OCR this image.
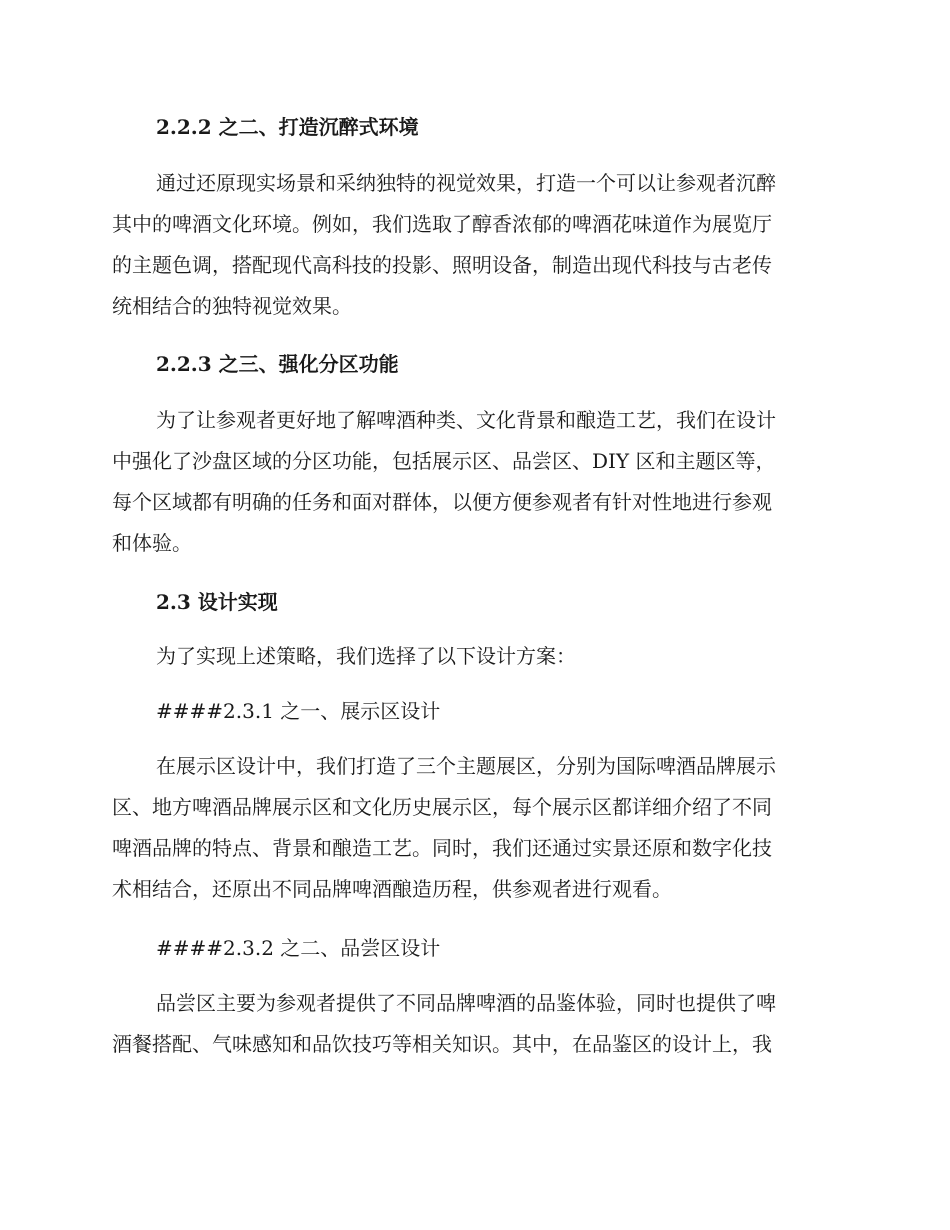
2.2.2 之二、打造沉醉式环境

通过还原现实场景和采纳独特的视觉效果，打造一个可以让参观者沉醉
其中的啤酒文化环境。例如，我们选取了醇香浓郁的啤酒花味道作为展览厅
的主题色调，搭配现代高科技的投影、照明设备，制造出现代科技与古老传
统相结合的独特视觉效果。

2.2.3 之三、强化分区功能

为了让参观者更好地了解啤酒种类、文化背景和酿造工艺，我们在设计
中强化了沙盘区域的分区功能，包括展示区、品尝区、DIY 区和主题区等，
每个区域都有明确的任务和面对群体，以便方便参观者有针对性地进行参观
和体验。

2.3 设计实现

为了实现上述策略，我们选择了以下设计方案：

####2.3.1 之一、展示区设计

在展示区设计中，我们打造了三个主题展区，分别为国际啤酒品牌展示
区、地方啤酒品牌展示区和文化历史展示区，每个展示区都详细介绍了不同
啤酒品牌的特点、背景和酿造工艺。同时，我们还通过实景还原和数字化技
术相结合，还原出不同品牌啤酒酿造历程，供参观者进行观看。

####2.3.2 之二、品尝区设计

品尝区主要为参观者提供了不同品牌啤酒的品鉴体验，同时也提供了啤
酒餐搭配、气味感知和品饮技巧等相关知识。其中，在品鉴区的设计上，我
